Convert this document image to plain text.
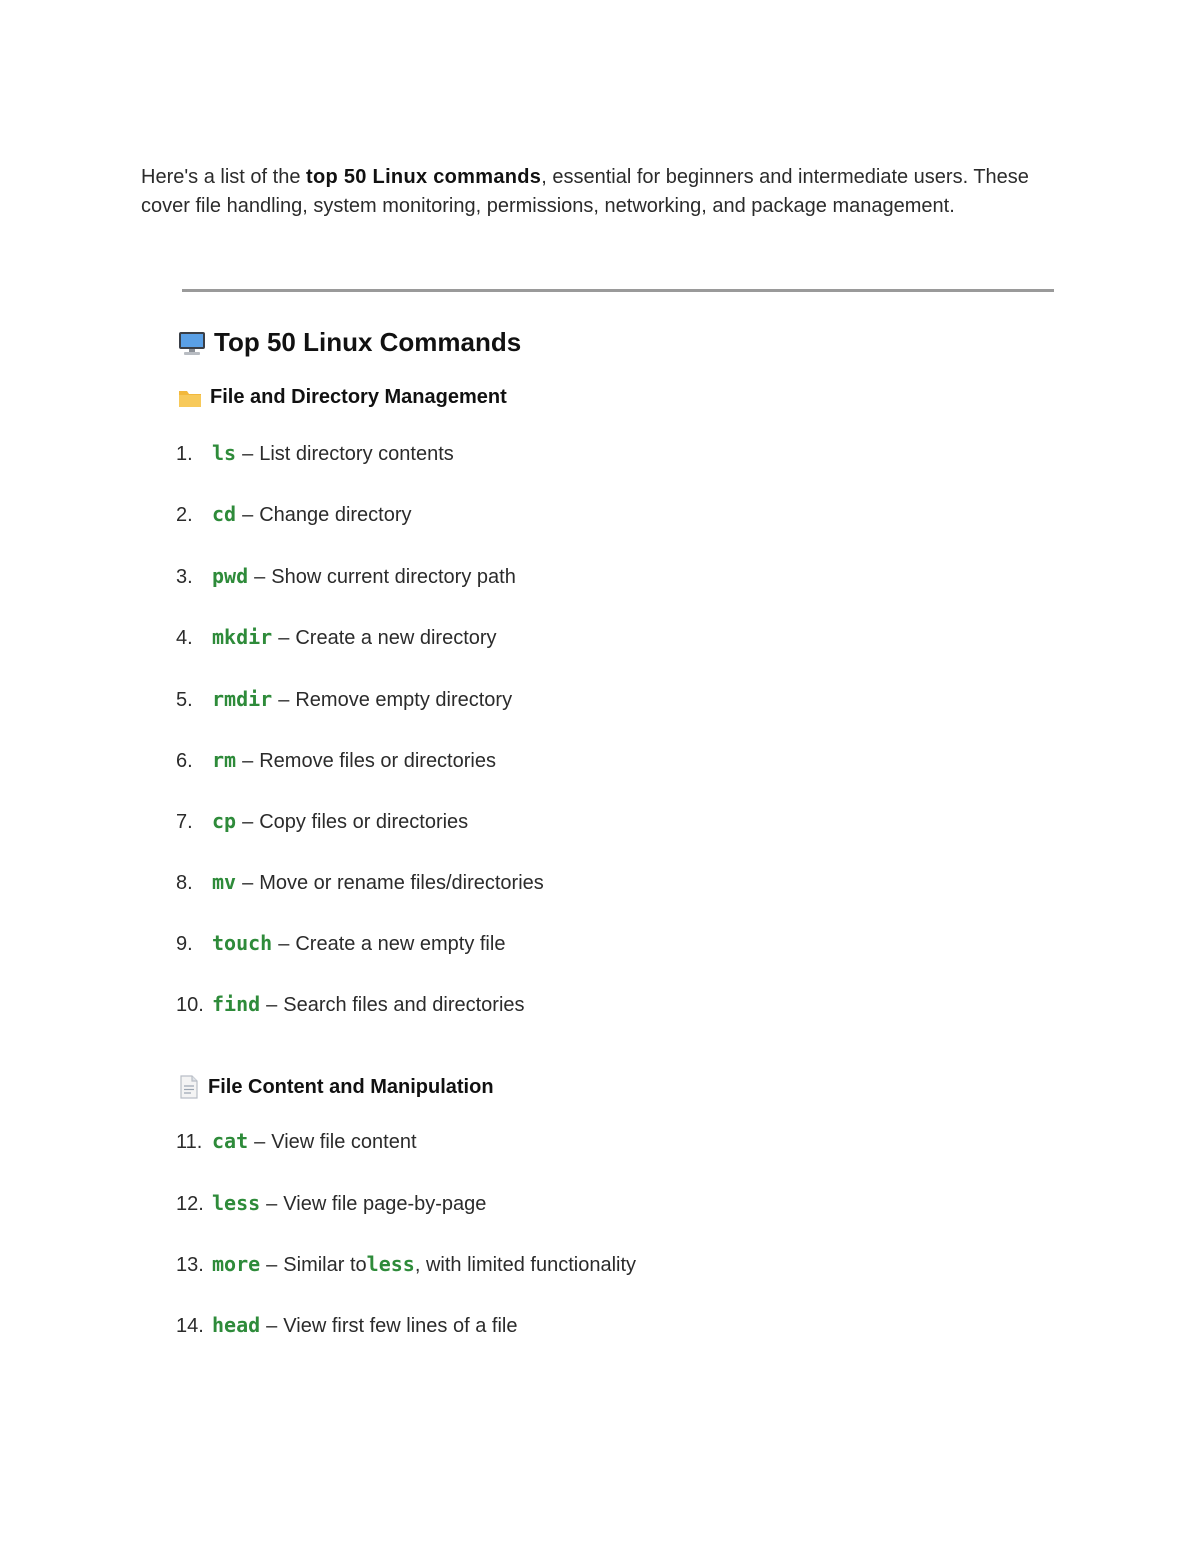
Here's a list of the top 50 Linux commands, essential for beginners and intermediate users. These cover file handling, system monitoring, permissions, networking, and package management.
Top 50 Linux Commands
File and Directory Management
1. ls – List directory contents
2. cd – Change directory
3. pwd – Show current directory path
4. mkdir – Create a new directory
5. rmdir – Remove empty directory
6. rm – Remove files or directories
7. cp – Copy files or directories
8. mv – Move or rename files/directories
9. touch – Create a new empty file
10. find – Search files and directories
File Content and Manipulation
11. cat – View file content
12. less – View file page-by-page
13. more – Similar to less , with limited functionality
14. head – View first few lines of a file
